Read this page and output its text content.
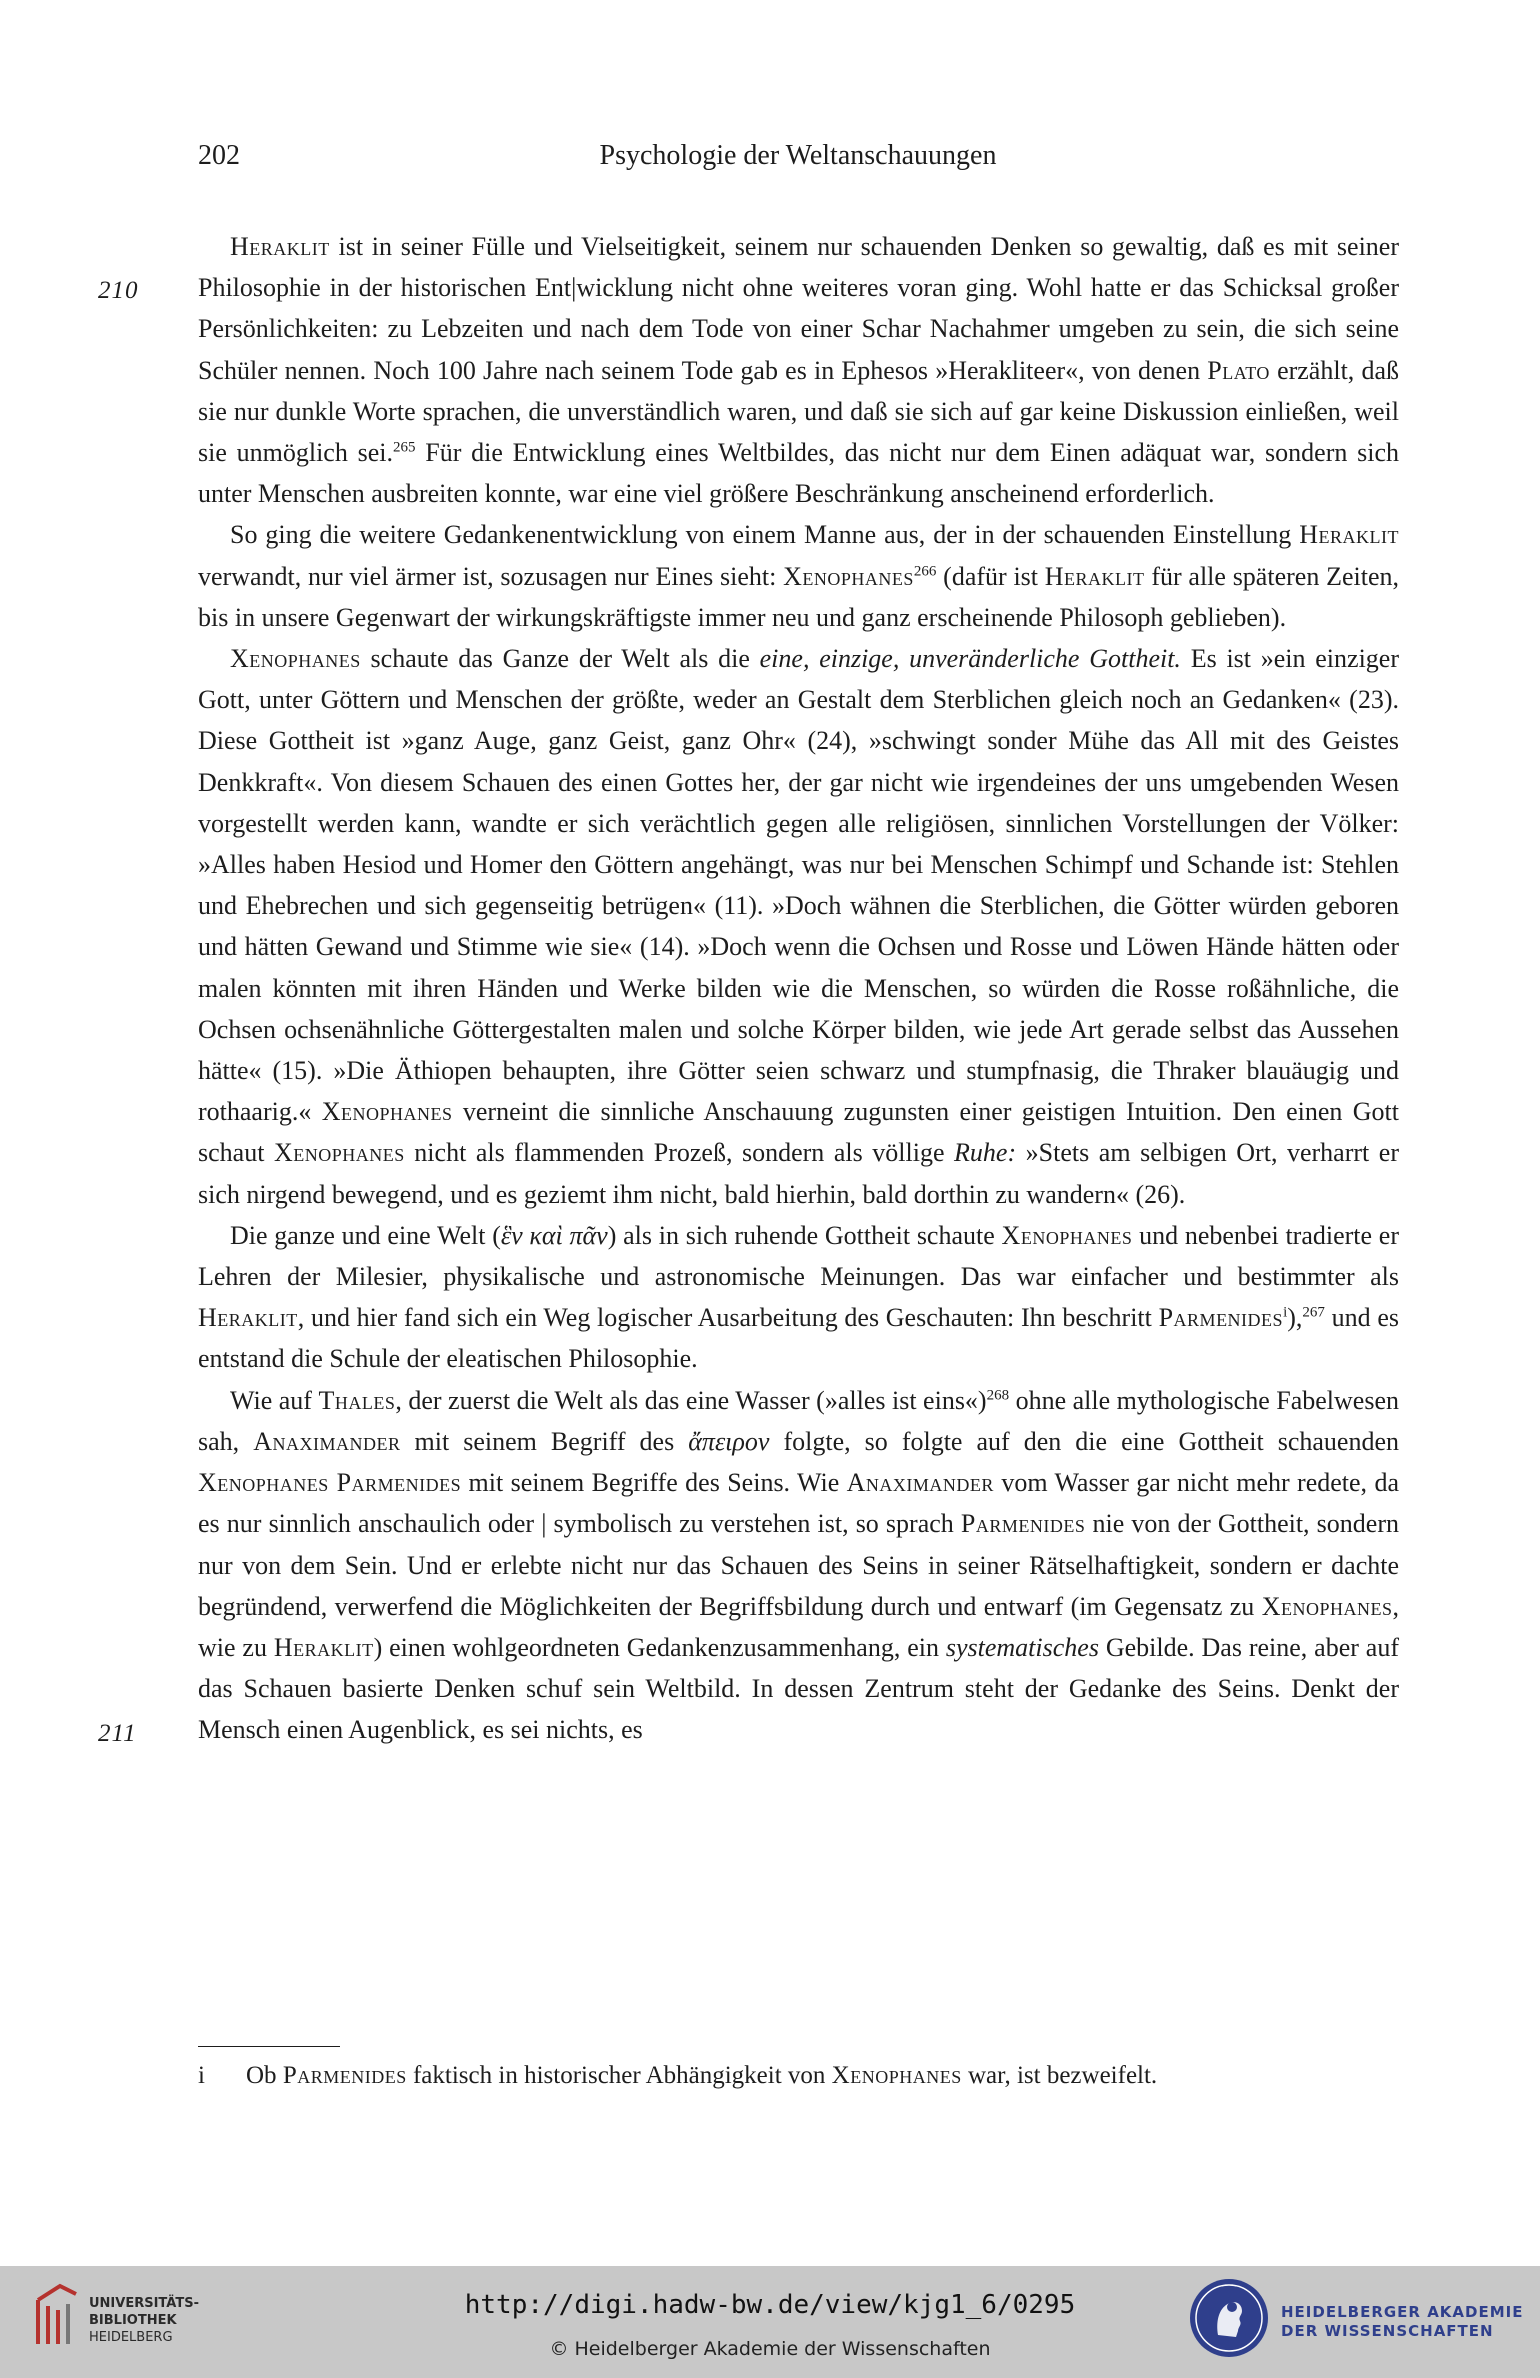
202	Psychologie der Weltanschauungen
210
211

Heraklit ist in seiner Fülle und Vielseitigkeit, seinem nur schauenden Denken so gewaltig, daß es mit seiner Philosophie in der historischen Ent|wicklung nicht ohne weiteres voran ging. Wohl hatte er das Schicksal großer Persönlichkeiten: zu Lebzeiten und nach dem Tode von einer Schar Nachahmer umgeben zu sein, die sich seine Schüler nennen. Noch 100 Jahre nach seinem Tode gab es in Ephesos »Herakliteer«, von denen Plato erzählt, daß sie nur dunkle Worte sprachen, die unverständlich waren, und daß sie sich auf gar keine Diskussion einließen, weil sie unmöglich sei.$^{265}$ Für die Entwicklung eines Weltbildes, das nicht nur dem Einen adäquat war, sondern sich unter Menschen ausbreiten konnte, war eine viel größere Beschränkung anscheinend erforderlich.

So ging die weitere Gedankenentwicklung von einem Manne aus, der in der schauenden Einstellung Heraklit verwandt, nur viel ärmer ist, sozusagen nur Eines sieht: Xenophanes$^{266}$ (dafür ist Heraklit für alle späteren Zeiten, bis in unsere Gegenwart der wirkungskräftigste immer neu und ganz erscheinende Philosoph geblieben).

Xenophanes schaute das Ganze der Welt als die eine, einzige, unveränderliche Gottheit. Es ist »ein einziger Gott, unter Göttern und Menschen der größte, weder an Gestalt dem Sterblichen gleich noch an Gedanken« (23). Diese Gottheit ist »ganz Auge, ganz Geist, ganz Ohr« (24), »schwingt sonder Mühe das All mit des Geistes Denkkraft«. Von diesem Schauen des einen Gottes her, der gar nicht wie irgendeines der uns umgebenden Wesen vorgestellt werden kann, wandte er sich verächtlich gegen alle religiösen, sinnlichen Vorstellungen der Völker: »Alles haben Hesiod und Homer den Göttern angehängt, was nur bei Menschen Schimpf und Schande ist: Stehlen und Ehebrechen und sich gegenseitig betrügen« (11). »Doch wähnen die Sterblichen, die Götter würden geboren und hätten Gewand und Stimme wie sie« (14). »Doch wenn die Ochsen und Rosse und Löwen Hände hätten oder malen könnten mit ihren Händen und Werke bilden wie die Menschen, so würden die Rosse roßähnliche, die Ochsen ochsenähnliche Göttergestalten malen und solche Körper bilden, wie jede Art gerade selbst das Aussehen hätte« (15). »Die Äthiopen behaupten, ihre Götter seien schwarz und stumpfnasig, die Thraker blauäugig und rothaarig.« Xenophanes verneint die sinnliche Anschauung zugunsten einer geistigen Intuition. Den einen Gott schaut Xenophanes nicht als flammenden Prozeß, sondern als völlige Ruhe: »Stets am selbigen Ort, verharrt er sich nirgend bewegend, und es geziemt ihm nicht, bald hierhin, bald dorthin zu wandern« (26).

Die ganze und eine Welt (ἓν καὶ πᾶν) als in sich ruhende Gottheit schaute Xenophanes und nebenbei tradierte er Lehren der Milesier, physikalische und astronomische Meinungen. Das war einfacher und bestimmter als Heraklit, und hier fand sich ein Weg logischer Ausarbeitung des Geschauten: Ihn beschritt Parmenides$^i$),$^{267}$ und es entstand die Schule der eleatischen Philosophie.

Wie auf Thales, der zuerst die Welt als das eine Wasser (»alles ist eins«)$^{268}$ ohne alle mythologische Fabelwesen sah, Anaximander mit seinem Begriff des ἄπειρον folgte, so folgte auf den die eine Gottheit schauenden Xenophanes Parmenides mit seinem Begriffe des Seins. Wie Anaximander vom Wasser gar nicht mehr redete, da es nur sinnlich anschaulich oder | symbolisch zu verstehen ist, so sprach Parmenides nie von der Gottheit, sondern nur von dem Sein. Und er erlebte nicht nur das Schauen des Seins in seiner Rätselhaftigkeit, sondern er dachte begründend, verwerfend die Möglichkeiten der Begriffsbildung durch und entwarf (im Gegensatz zu Xenophanes, wie zu Heraklit) einen wohlgeordneten Gedankenzusammenhang, ein systematisches Gebilde. Das reine, aber auf das Schauen basierte Denken schuf sein Weltbild. In dessen Zentrum steht der Gedanke des Seins. Denkt der Mensch einen Augenblick, es sei nichts, es

i Ob Parmenides faktisch in historischer Abhängigkeit von Xenophanes war, ist bezweifelt.
UNIVERSITÄTS-
BIBLIOTHEK
HEIDELBERG
http://digi.hadw-bw.de/view/kjg1_6/0295
© Heidelberger Akademie der Wissenschaften
HEIDELBERGER AKADEMIE
DER WISSENSCHAFTEN
